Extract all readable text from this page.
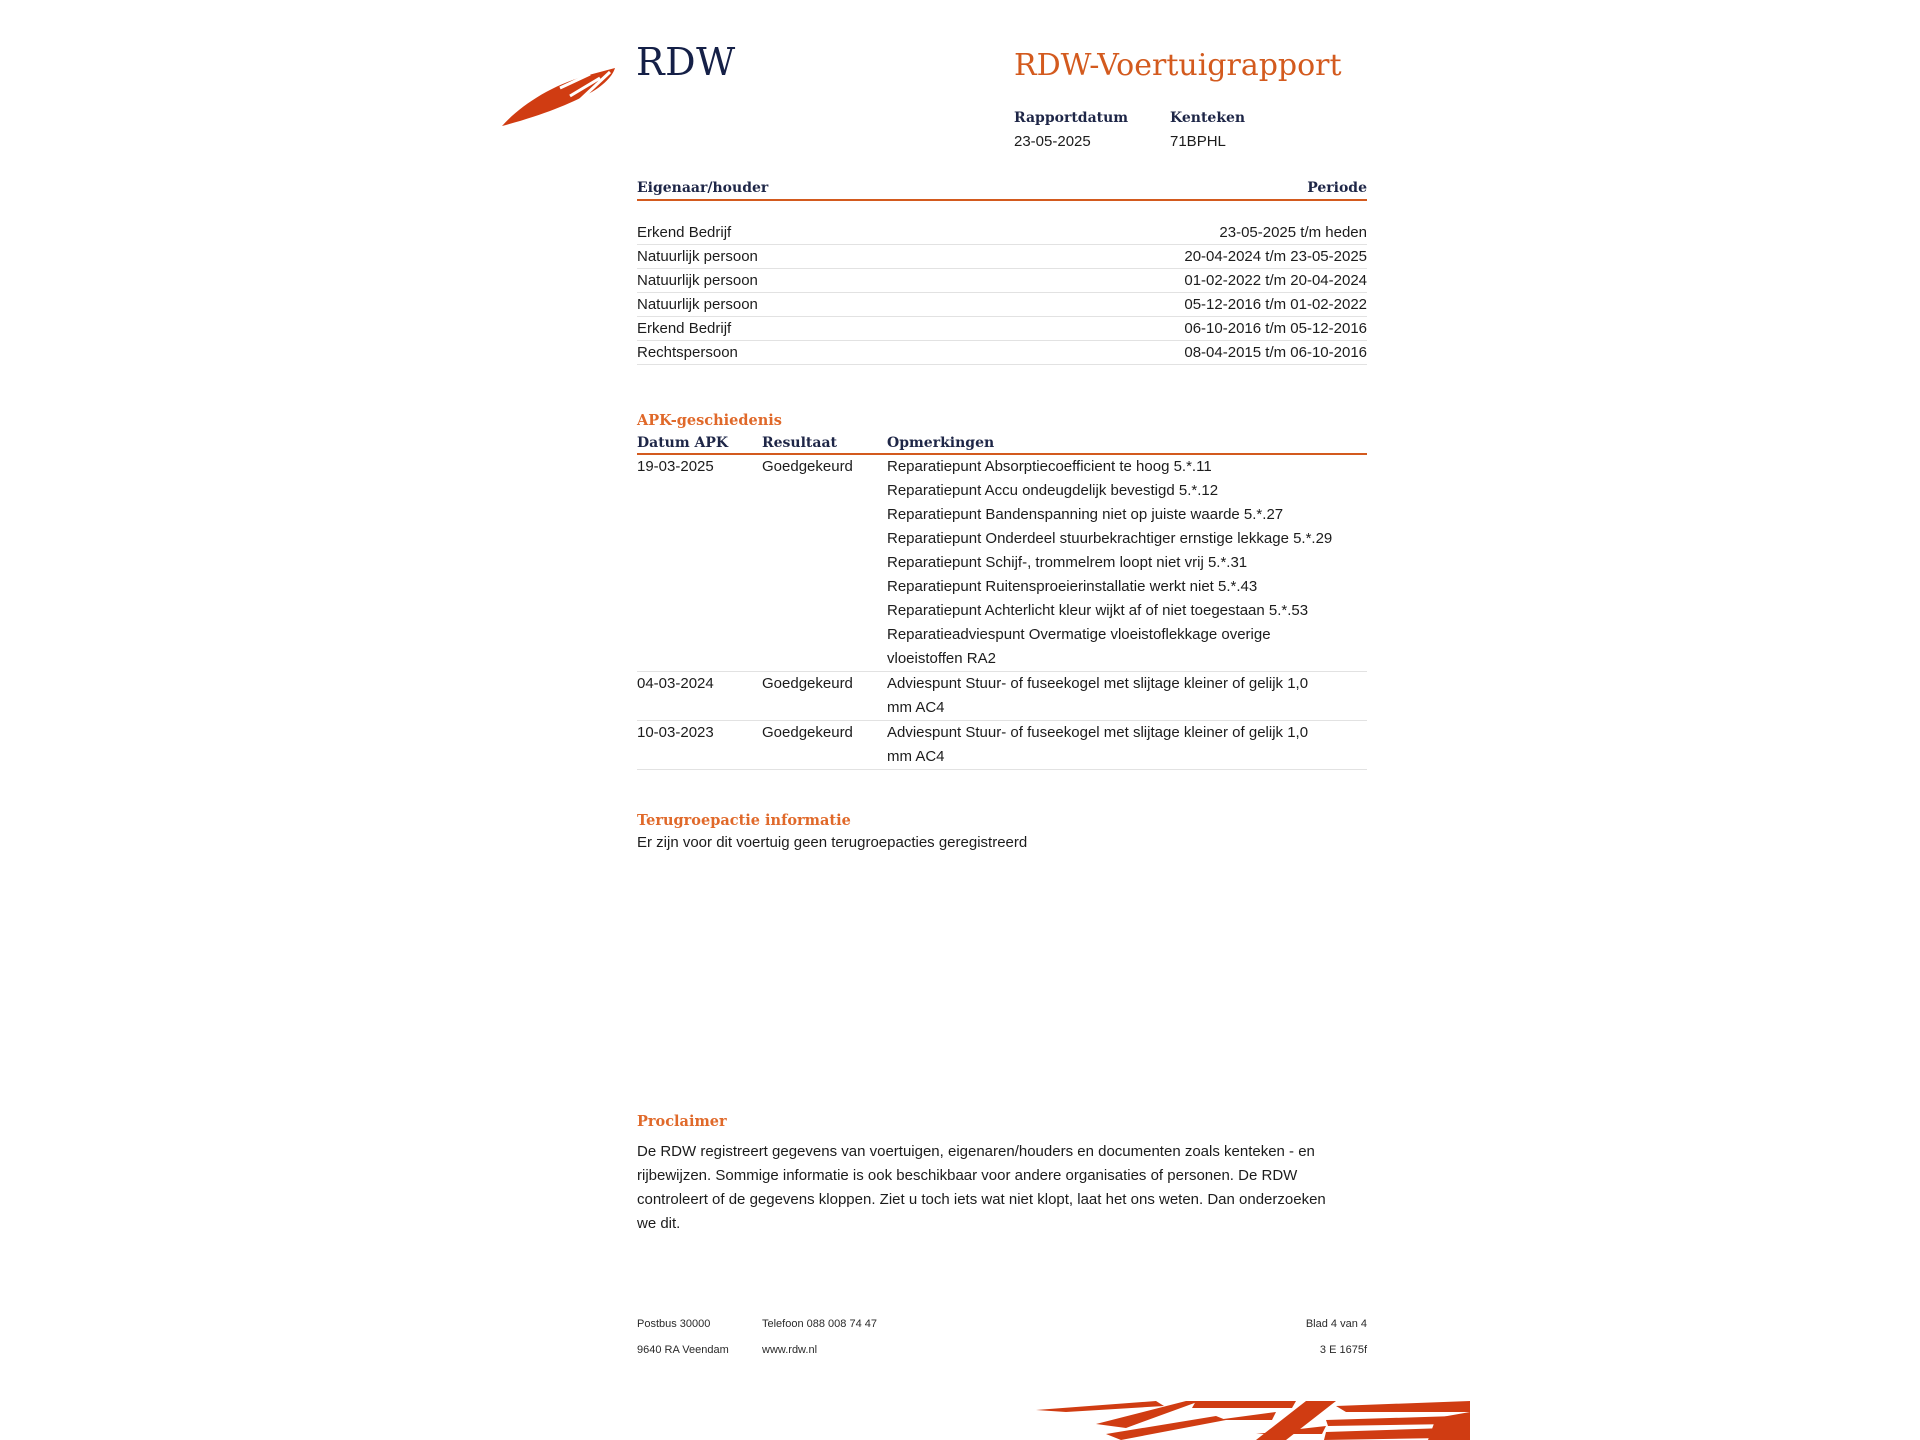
RDW	RDW-Voertuigrapport
Rapportdatum
23-05-2025
Kenteken
71BPHL
Eigenaar/houder	Periode
Erkend Bedrijf	23-05-2025 t/m heden
Natuurlijk persoon	20-04-2024 t/m 23-05-2025
Natuurlijk persoon	01-02-2022 t/m 20-04-2024
Natuurlijk persoon	05-12-2016 t/m 01-02-2022
Erkend Bedrijf	06-10-2016 t/m 05-12-2016
Rechtspersoon	08-04-2015 t/m 06-10-2016
APK-geschiedenis
Datum APK	Resultaat	Opmerkingen
19-03-2025	Goedgekeurd	Reparatiepunt Absorptiecoefficient te hoog 5.*.11
Reparatiepunt Accu ondeugdelijk bevestigd 5.*.12
Reparatiepunt Bandenspanning niet op juiste waarde 5.*.27
Reparatiepunt Onderdeel stuurbekrachtiger ernstige lekkage 5.*.29
Reparatiepunt Schijf-, trommelrem loopt niet vrij 5.*.31
Reparatiepunt Ruitensproeierinstallatie werkt niet 5.*.43
Reparatiepunt Achterlicht kleur wijkt af of niet toegestaan 5.*.53
Reparatieadviespunt Overmatige vloeistoflekkage overige
vloeistoffen RA2
04-03-2024	Goedgekeurd	Adviespunt Stuur- of fuseekogel met slijtage kleiner of gelijk 1,0
mm AC4
10-03-2023	Goedgekeurd	Adviespunt Stuur- of fuseekogel met slijtage kleiner of gelijk 1,0
mm AC4
Terugroepactie informatie
Er zijn voor dit voertuig geen terugroepacties geregistreerd
Proclaimer
De RDW registreert gegevens van voertuigen, eigenaren/houders en documenten zoals kenteken - en
rijbewijzen. Sommige informatie is ook beschikbaar voor andere organisaties of personen. De RDW
controleert of de gegevens kloppen. Ziet u toch iets wat niet klopt, laat het ons weten. Dan onderzoeken
we dit.
Postbus 30000
9640 RA Veendam
Telefoon 088 008 74 47
www.rdw.nl
Blad 4 van 4
3 E 1675f
